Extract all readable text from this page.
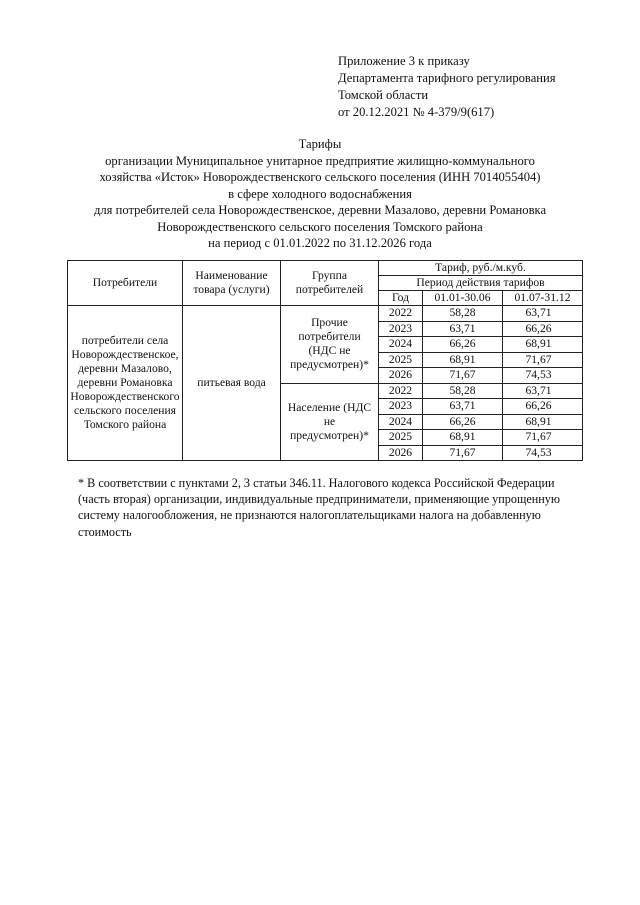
Приложение 3 к приказу
Департамента тарифного регулирования
Томской области
от 20.12.2021 № 4-379/9(617)
Тарифы
организации Муниципальное унитарное предприятие жилищно-коммунального
хозяйства «Исток» Новорождественского сельского поселения (ИНН 7014055404)
в сфере холодного водоснабжения
для потребителей села Новорождественское, деревни Мазалово, деревни Романовка
Новорождественского сельского поселения Томского района
на период с 01.01.2022 по 31.12.2026 года
Потребители	Наименование товара (услуги)	Группа потребителей	Тариф, руб./м.куб.		
			Период действия тарифов		
			Год	01.01-30.06	01.07-31.12
потребители села Новорождественское, деревни Мазалово, деревни Романовка Новорождественского сельского поселения Томского района	питьевая вода	Прочие потребители (НДС не предусмотрен)*	2022	58,28	63,71
			2023	63,71	66,26
			2024	66,26	68,91
			2025	68,91	71,67
			2026	71,67	74,53
		Население (НДС не предусмотрен)*	2022	58,28	63,71
			2023	63,71	66,26
			2024	66,26	68,91
			2025	68,91	71,67
			2026	71,67	74,53
* В соответствии с пунктами 2, 3 статьи 346.11. Налогового кодекса Российской Федерации (часть вторая) организации, индивидуальные предприниматели, применяющие упрощенную систему налогообложения, не признаются налогоплательщиками налога на добавленную стоимость
